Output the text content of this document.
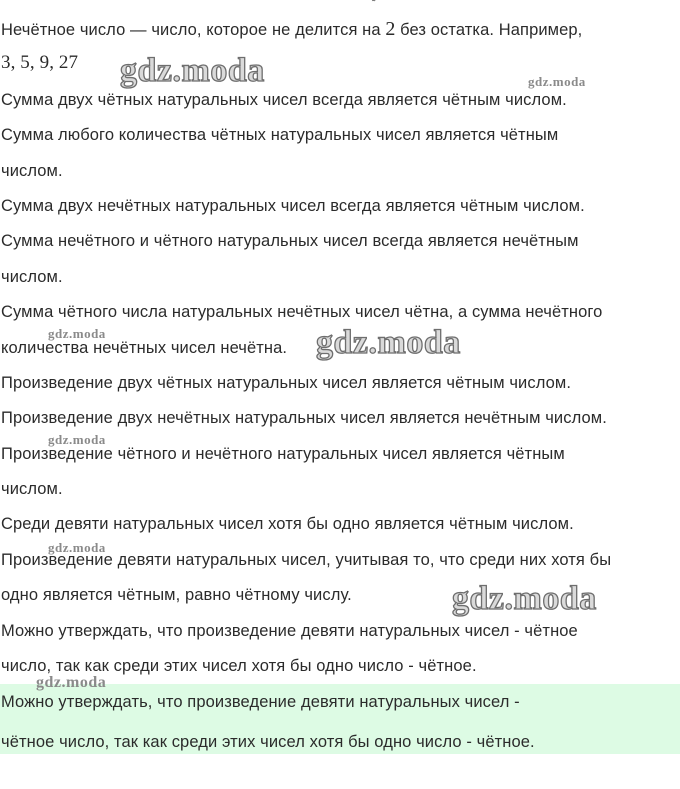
˜
Нечётное число — число, которое не делится на 2 без остатка. Например,
3, 5, 9, 27
Сумма двух чётных натуральных чисел всегда является чётным числом.
Сумма любого количества чётных натуральных чисел является чётным
числом.
Сумма двух нечётных натуральных чисел всегда является чётным числом.
Сумма нечётного и чётного натуральных чисел всегда является нечётным
числом.
Сумма чётного числа натуральных нечётных чисел чётна, а сумма нечётного
количества нечётных чисел нечётна.
Произведение двух чётных натуральных чисел является чётным числом.
Произведение двух нечётных натуральных чисел является нечётным числом.
Произведение чётного и нечётного натуральных чисел является чётным
числом.
Среди девяти натуральных чисел хотя бы одно является чётным числом.
Произведение девяти натуральных чисел, учитывая то, что среди них хотя бы
одно является чётным, равно чётному числу.
Можно утверждать, что произведение девяти натуральных чисел - чётное
число, так как среди этих чисел хотя бы одно число - чётное.
Можно утверждать, что произведение девяти натуральных чисел -
чётное число, так как среди этих чисел хотя бы одно число - чётное.
gdz.moda	gdz.moda
gdz.moda	gdz.moda
gdz.moda
gdz.moda
gdz.moda
gdz.moda
